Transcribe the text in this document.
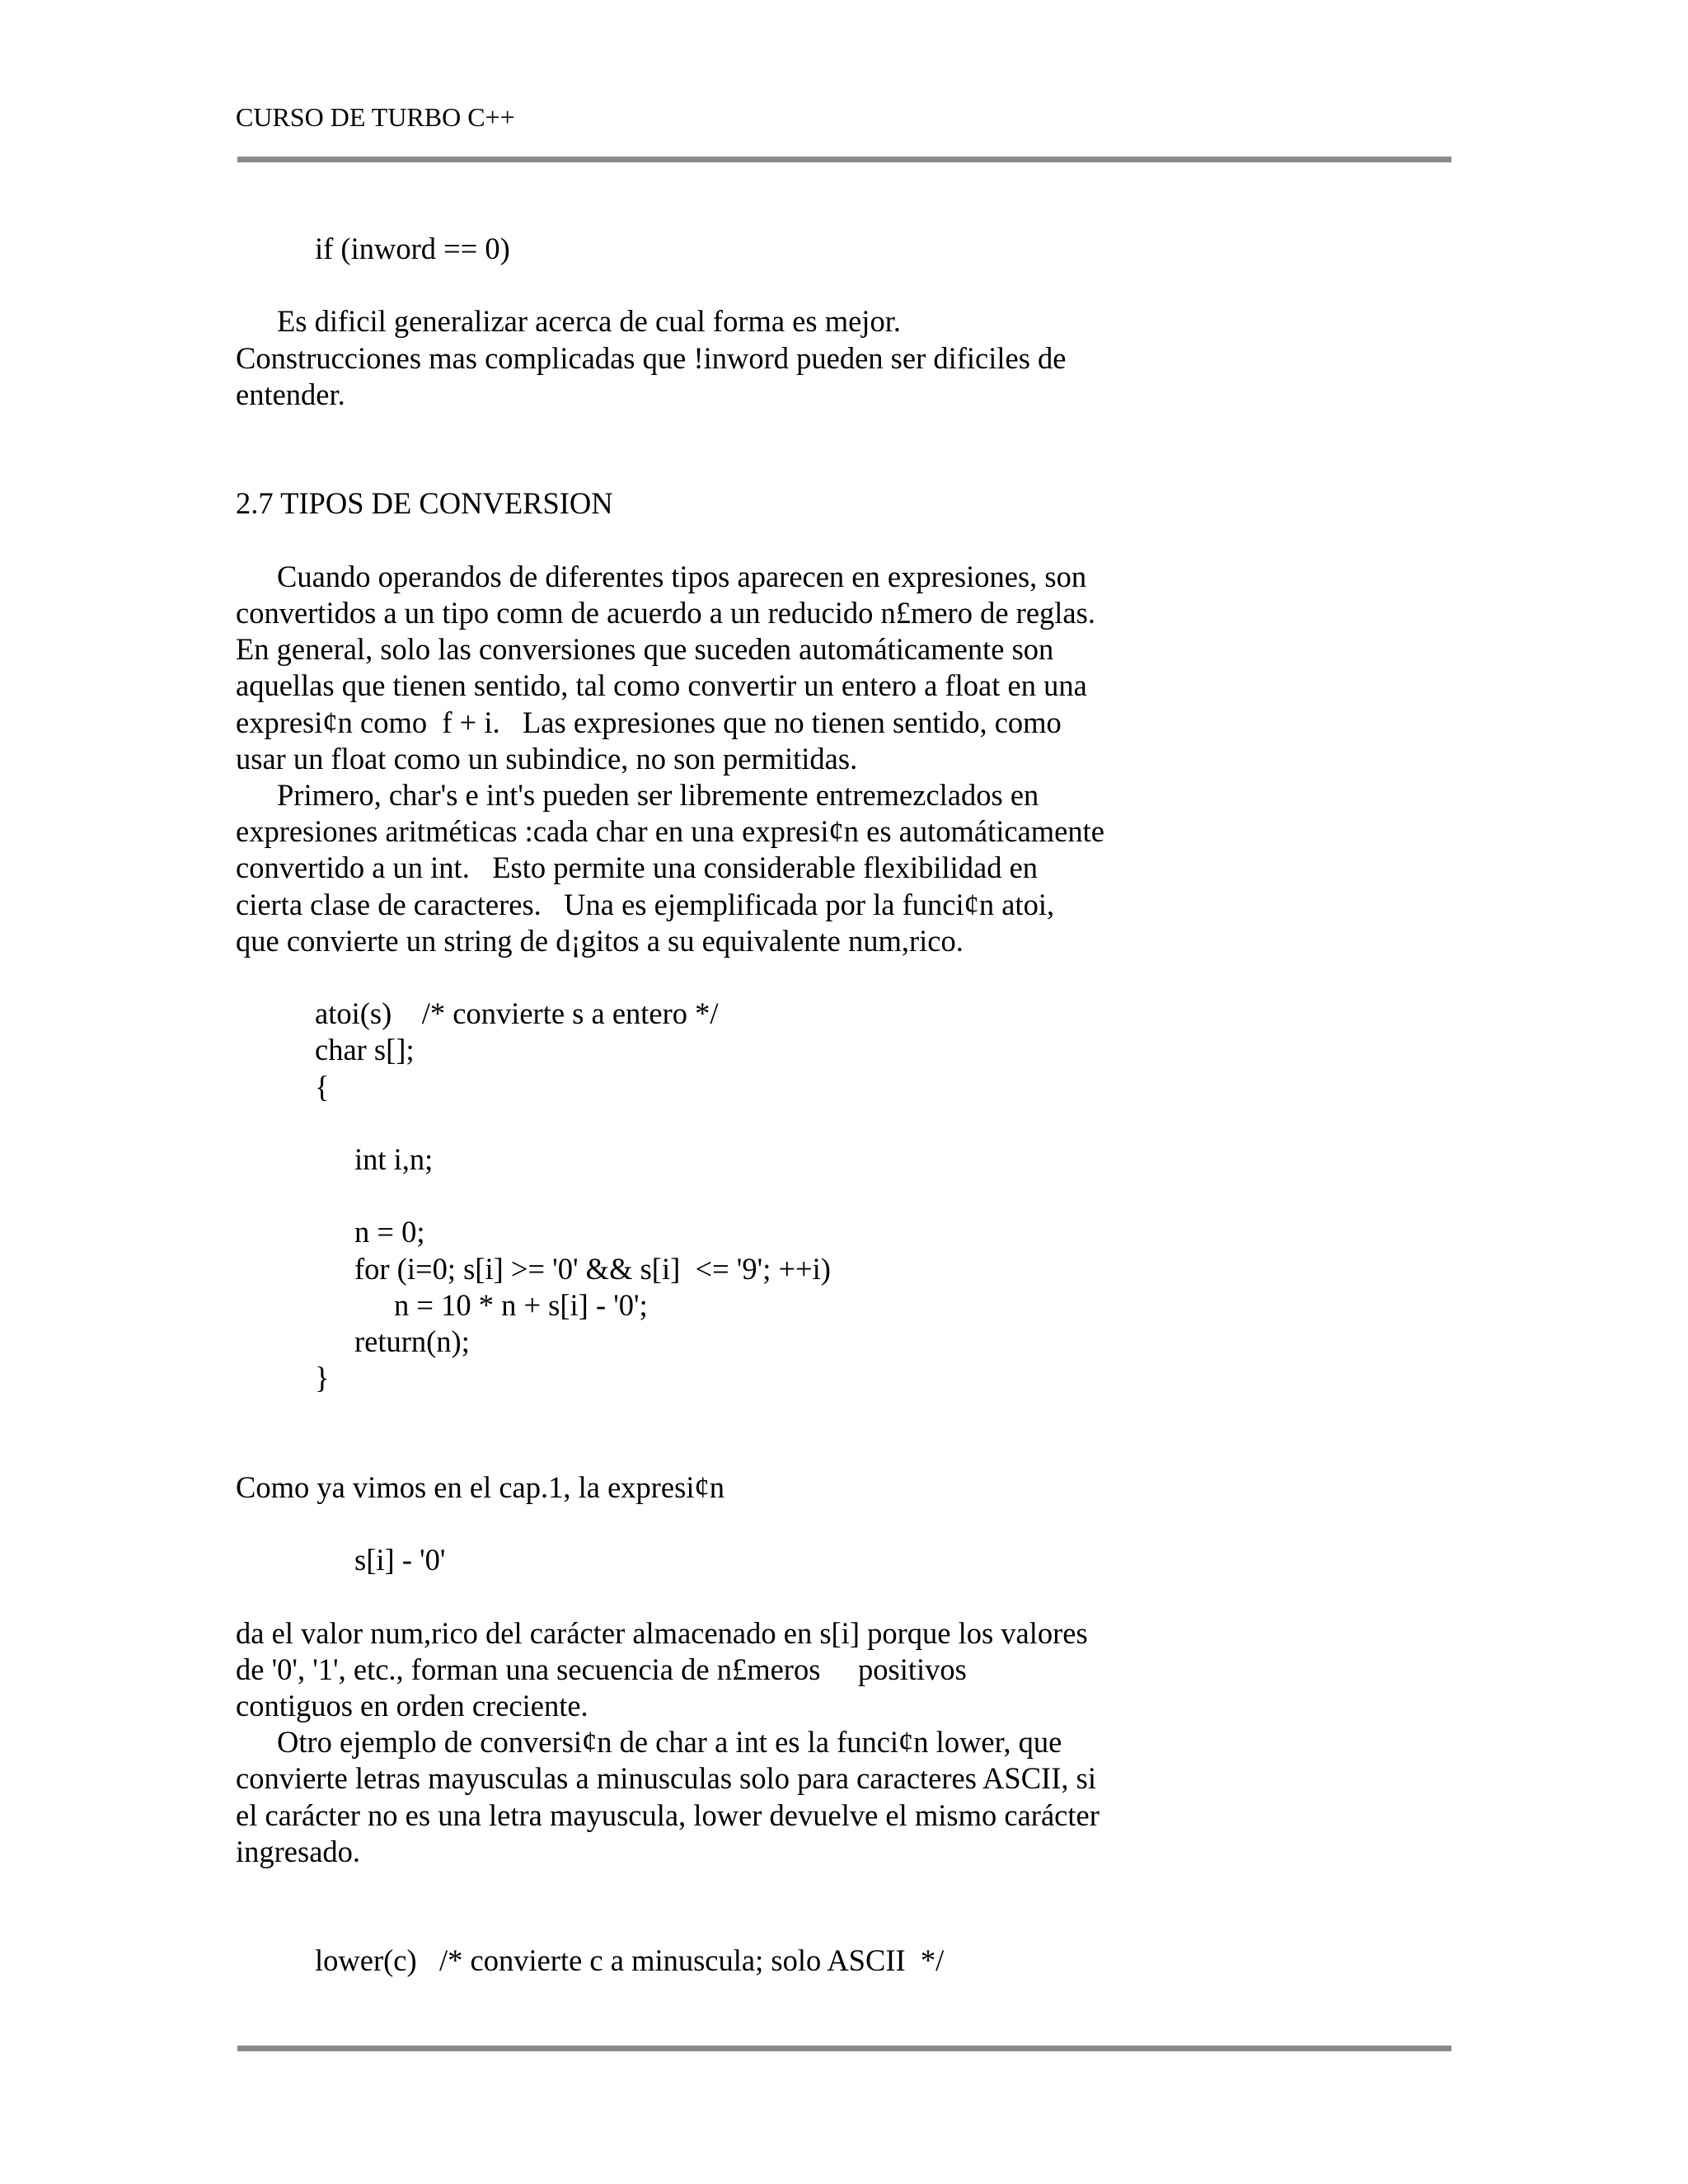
CURSO DE TURBO C++
if (inword == 0)
Es dificil generalizar acerca de cual forma es mejor.
Construcciones mas complicadas que !inword pueden ser dificiles de
entender.
2.7 TIPOS DE CONVERSION
Cuando operandos de diferentes tipos aparecen en expresiones, son
convertidos a un tipo comn de acuerdo a un reducido n£mero de reglas.
En general, solo las conversiones que suceden automáticamente son
aquellas que tienen sentido, tal como convertir un entero a float en una
expresi¢n como  f + i.   Las expresiones que no tienen sentido, como
usar un float como un subindice, no son permitidas.
Primero, char's e int's pueden ser libremente entremezclados en
expresiones aritméticas :cada char en una expresi¢n es automáticamente
convertido a un int.   Esto permite una considerable flexibilidad en
cierta clase de caracteres.   Una es ejemplificada por la funci¢n atoi,
que convierte un string de d¡gitos a su equivalente num,rico.
atoi(s)    /* convierte s a entero */
char s[];
{
int i,n;
n = 0;
for (i=0; s[i] >= '0' && s[i]  <= '9'; ++i)
n = 10 * n + s[i] - '0';
return(n);
}
Como ya vimos en el cap.1, la expresi¢n
s[i] - '0'
da el valor num,rico del carácter almacenado en s[i] porque los valores
de '0', '1', etc., forman una secuencia de n£meros     positivos
contiguos en orden creciente.
Otro ejemplo de conversi¢n de char a int es la funci¢n lower, que
convierte letras mayusculas a minusculas solo para caracteres ASCII, si
el carácter no es una letra mayuscula, lower devuelve el mismo carácter
ingresado.
lower(c)   /* convierte c a minuscula; solo ASCII  */
